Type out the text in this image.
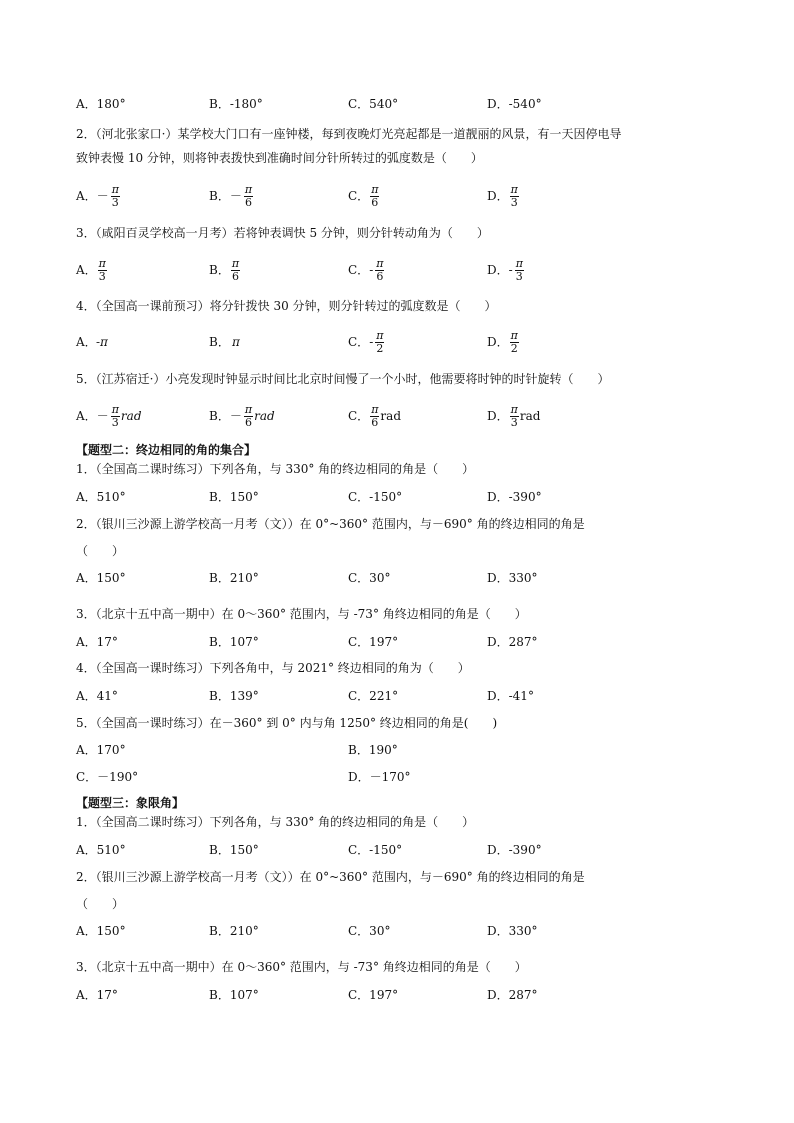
A．180°	B．-180°	C．540°	D．-540°
2．（河北张家口·）某学校大门口有一座钟楼，每到夜晚灯光亮起都是一道靓丽的风景，有一天因停电导
致钟表慢 10 分钟，则将钟表拨快到准确时间分针所转过的弧度数是（　　）
A．－ $\frac{\pi}{3}$	B．－ $\frac{\pi}{6}$	C． $\frac{\pi}{6}$	D． $\frac{\pi}{3}$
3．（咸阳百灵学校高一月考）若将钟表调快 5 分钟，则分针转动角为（　　）
A． $\frac{\pi}{3}$	B． $\frac{\pi}{6}$	C．- $\frac{\pi}{6}$	D．- $\frac{\pi}{3}$
4．（全国高一课前预习）将分针拨快 30 分钟，则分针转过的弧度数是（　　）
A． -π	B． π	C．- $\frac{\pi}{2}$	D． $\frac{\pi}{2}$
5．（江苏宿迁·）小亮发现时钟显示时间比北京时间慢了一个小时，他需要将时钟的时针旋转（　　）
A．－ $\frac{\pi}{3}$ rad	B．－ $\frac{\pi}{6}$ rad	C． $\frac{\pi}{6}$ rad	D． $\frac{\pi}{3}$ rad
【题型二：终边相同的角的集合】
1．（全国高二课时练习）下列各角，与 330° 角的终边相同的角是（　　）
A．510°	B．150°	C．-150°	D．-390°
2．（银川三沙源上游学校高一月考（文））在 0°~360° 范围内，与－690° 角的终边相同的角是
（　　）
A．150°	B．210°	C．30°	D．330°
3．（北京十五中高一期中）在 0～360° 范围内，与 -73° 角终边相同的角是（　　）
A．17°	B．107°	C．197°	D．287°
4．（全国高一课时练习）下列各角中，与 2021° 终边相同的角为（　　）
A．41°	B．139°	C．221°	D．-41°
5．（全国高一课时练习）在－360° 到 0° 内与角 1250° 终边相同的角是(　　)
A．170°	B．190°
C．－190°	D．－170°
【题型三：象限角】
1．（全国高二课时练习）下列各角，与 330° 角的终边相同的角是（　　）
A．510°	B．150°	C．-150°	D．-390°
2．（银川三沙源上游学校高一月考（文））在 0°~360° 范围内，与－690° 角的终边相同的角是
（　　）
A．150°	B．210°	C．30°	D．330°
3．（北京十五中高一期中）在 0～360° 范围内，与 -73° 角终边相同的角是（　　）
A．17°	B．107°	C．197°	D．287°
